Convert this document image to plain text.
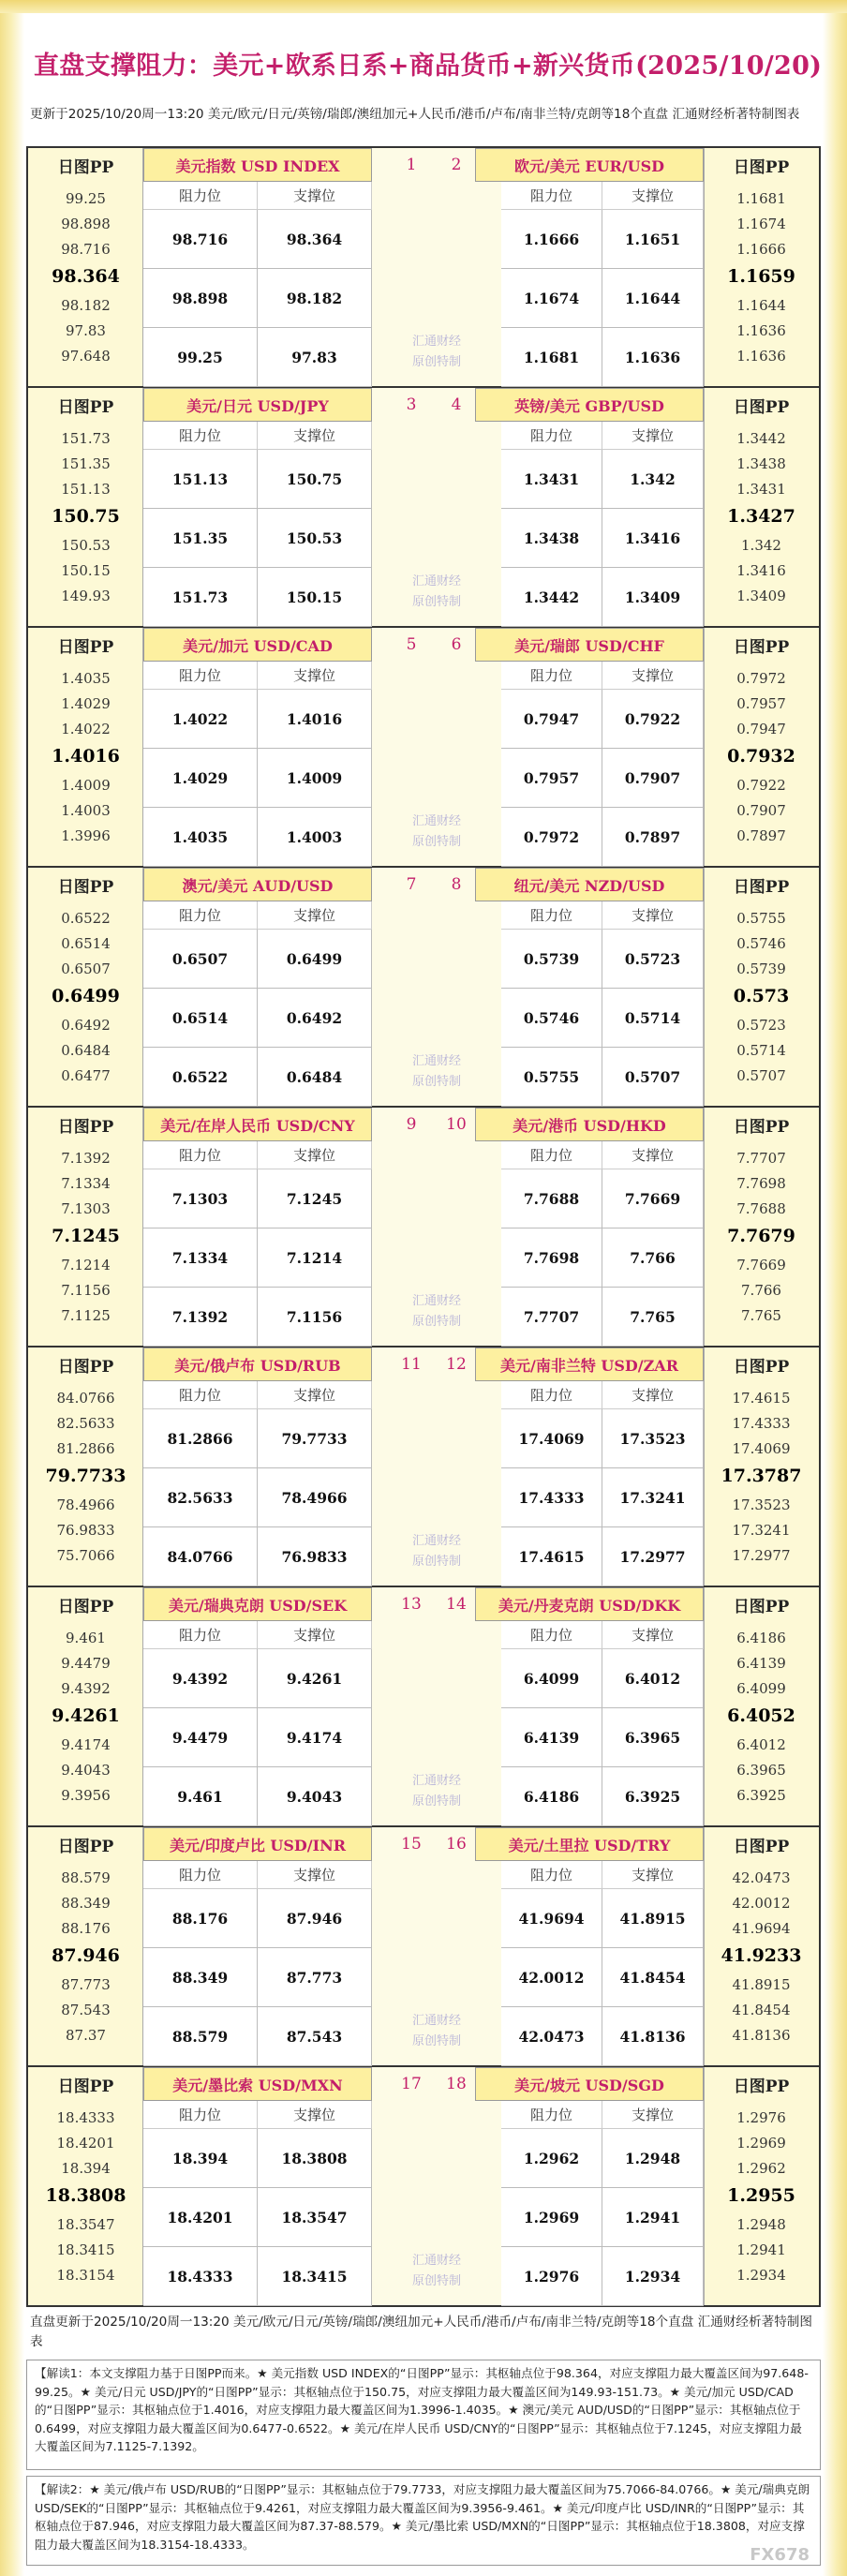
直盘支撑阻力：美元+欧系日系+商品货币+新兴货币(2025/10/20)
更新于2025/10/20周一13:20 美元/欧元/日元/英镑/瑞郎/澳纽加元+人民币/港币/卢布/南非兰特/克朗等18个直盘 汇通财经析著特制图表
日图PP	日图PP
美元指数 USD INDEX	欧元/美元 EUR/USD
1	2
阻力位	支撑位	阻力位	支撑位
98.716	98.364	1.1666	1.1651
98.898	98.182	1.1674	1.1644
99.25	97.83	1.1681	1.1636
99.25	1.1681
98.898	1.1674
98.716	1.1666
98.364	1.1659
98.182	1.1644
97.83	1.1636
97.648	1.1636
汇通财经
原创特制
日图PP	日图PP
美元/日元 USD/JPY	英镑/美元 GBP/USD
3	4
阻力位	支撑位	阻力位	支撑位
151.13	150.75	1.3431	1.342
151.35	150.53	1.3438	1.3416
151.73	150.15	1.3442	1.3409
151.73	1.3442
151.35	1.3438
151.13	1.3431
150.75	1.3427
150.53	1.342
150.15	1.3416
149.93	1.3409
汇通财经
原创特制
日图PP	日图PP
美元/加元 USD/CAD	美元/瑞郎 USD/CHF
5	6
阻力位	支撑位	阻力位	支撑位
1.4022	1.4016	0.7947	0.7922
1.4029	1.4009	0.7957	0.7907
1.4035	1.4003	0.7972	0.7897
1.4035	0.7972
1.4029	0.7957
1.4022	0.7947
1.4016	0.7932
1.4009	0.7922
1.4003	0.7907
1.3996	0.7897
汇通财经
原创特制
日图PP	日图PP
澳元/美元 AUD/USD	纽元/美元 NZD/USD
7	8
阻力位	支撑位	阻力位	支撑位
0.6507	0.6499	0.5739	0.5723
0.6514	0.6492	0.5746	0.5714
0.6522	0.6484	0.5755	0.5707
0.6522	0.5755
0.6514	0.5746
0.6507	0.5739
0.6499	0.573
0.6492	0.5723
0.6484	0.5714
0.6477	0.5707
汇通财经
原创特制
日图PP	日图PP
美元/在岸人民币 USD/CNY	美元/港币 USD/HKD
9	10
阻力位	支撑位	阻力位	支撑位
7.1303	7.1245	7.7688	7.7669
7.1334	7.1214	7.7698	7.766
7.1392	7.1156	7.7707	7.765
7.1392	7.7707
7.1334	7.7698
7.1303	7.7688
7.1245	7.7679
7.1214	7.7669
7.1156	7.766
7.1125	7.765
汇通财经
原创特制
日图PP	日图PP
美元/俄卢布 USD/RUB	美元/南非兰特 USD/ZAR
11	12
阻力位	支撑位	阻力位	支撑位
81.2866	79.7733	17.4069	17.3523
82.5633	78.4966	17.4333	17.3241
84.0766	76.9833	17.4615	17.2977
84.0766	17.4615
82.5633	17.4333
81.2866	17.4069
79.7733	17.3787
78.4966	17.3523
76.9833	17.3241
75.7066	17.2977
汇通财经
原创特制
日图PP	日图PP
美元/瑞典克朗 USD/SEK	美元/丹麦克朗 USD/DKK
13	14
阻力位	支撑位	阻力位	支撑位
9.4392	9.4261	6.4099	6.4012
9.4479	9.4174	6.4139	6.3965
9.461	9.4043	6.4186	6.3925
9.461	6.4186
9.4479	6.4139
9.4392	6.4099
9.4261	6.4052
9.4174	6.4012
9.4043	6.3965
9.3956	6.3925
汇通财经
原创特制
日图PP	日图PP
美元/印度卢比 USD/INR	美元/土里拉 USD/TRY
15	16
阻力位	支撑位	阻力位	支撑位
88.176	87.946	41.9694	41.8915
88.349	87.773	42.0012	41.8454
88.579	87.543	42.0473	41.8136
88.579	42.0473
88.349	42.0012
88.176	41.9694
87.946	41.9233
87.773	41.8915
87.543	41.8454
87.37	41.8136
汇通财经
原创特制
日图PP	日图PP
美元/墨比索 USD/MXN	美元/坡元 USD/SGD
17	18
阻力位	支撑位	阻力位	支撑位
18.394	18.3808	1.2962	1.2948
18.4201	18.3547	1.2969	1.2941
18.4333	18.3415	1.2976	1.2934
18.4333	1.2976
18.4201	1.2969
18.394	1.2962
18.3808	1.2955
18.3547	1.2948
18.3415	1.2941
18.3154	1.2934
汇通财经
原创特制
直盘更新于2025/10/20周一13:20 美元/欧元/日元/英镑/瑞郎/澳纽加元+人民币/港币/卢布/南非兰特/克朗等18个直盘 汇通财经析著特制图表
【解读1：本文支撑阻力基于日图PP而来。★ 美元指数 USD INDEX的“日图PP”显示：其枢轴点位于98.364，对应支撑阻力最大覆盖区间为97.648-99.25。★ 美元/日元 USD/JPY的“日图PP”显示：其枢轴点位于150.75，对应支撑阻力最大覆盖区间为149.93-151.73。★ 美元/加元 USD/CAD的“日图PP”显示：其枢轴点位于1.4016，对应支撑阻力最大覆盖区间为1.3996-1.4035。★ 澳元/美元 AUD/USD的“日图PP”显示：其枢轴点位于0.6499，对应支撑阻力最大覆盖区间为0.6477-0.6522。★ 美元/在岸人民币 USD/CNY的“日图PP”显示：其枢轴点位于7.1245，对应支撑阻力最大覆盖区间为7.1125-7.1392。
【解读2：★ 美元/俄卢布 USD/RUB的“日图PP”显示：其枢轴点位于79.7733，对应支撑阻力最大覆盖区间为75.7066-84.0766。★ 美元/瑞典克朗 USD/SEK的“日图PP”显示：其枢轴点位于9.4261，对应支撑阻力最大覆盖区间为9.3956-9.461。★ 美元/印度卢比 USD/INR的“日图PP”显示：其枢轴点位于87.946，对应支撑阻力最大覆盖区间为87.37-88.579。★ 美元/墨比索 USD/MXN的“日图PP”显示：其枢轴点位于18.3808，对应支撑阻力最大覆盖区间为18.3154-18.4333。
FX678
